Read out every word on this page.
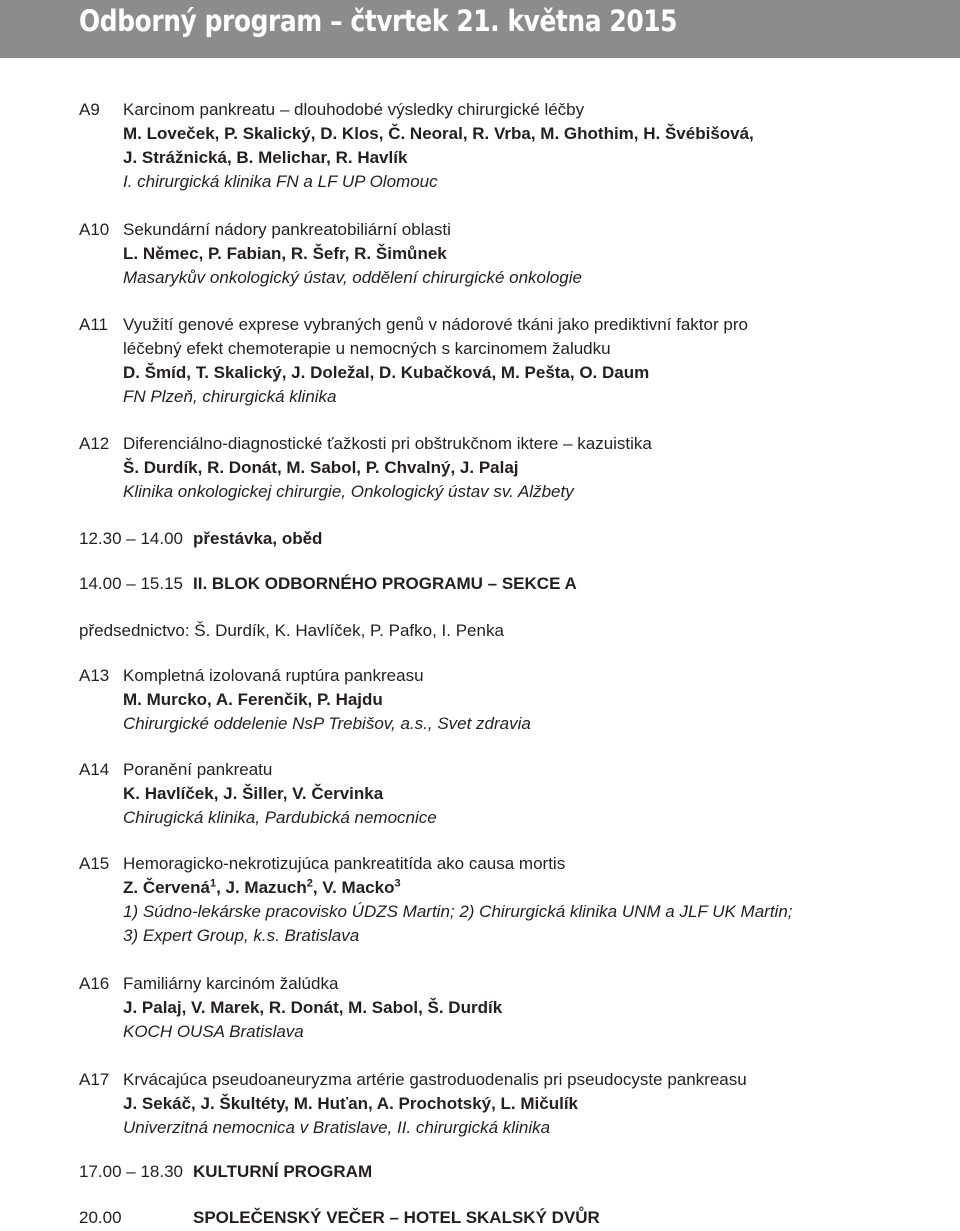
Odborný program – čtvrtek 21. května 2015
A9 Karcinom pankreatu – dlouhodobé výsledky chirurgické léčby
M. Loveček, P. Skalický, D. Klos, Č. Neoral, R. Vrba, M. Ghothim, H. Švébišová,
J. Strážnická, B. Melichar, R. Havlík
I. chirurgická klinika FN a LF UP Olomouc
A10 Sekundární nádory pankreatobiliární oblasti
L. Němec, P. Fabian, R. Šefr, R. Šimůnek
Masarykův onkologický ústav, oddělení chirurgické onkologie
A11 Využití genové exprese vybraných genů v nádorové tkáni jako prediktivní faktor pro
léčebný efekt chemoterapie u nemocných s karcinomem žaludku
D. Šmíd, T. Skalický, J. Doležal, D. Kubačková, M. Pešta, O. Daum
FN Plzeň, chirurgická klinika
A12 Diferenciálno-diagnostické ťažkosti pri obštrukčnom iktere – kazuistika
Š. Durdík, R. Donát, M. Sabol, P. Chvalný, J. Palaj
Klinika onkologickej chirurgie, Onkologický ústav sv. Alžbety
12.30 – 14.00 přestávka, oběd
14.00 – 15.15 II. BLOK ODBORNÉHO PROGRAMU – SEKCE A
předsednictvo: Š. Durdík, K. Havlíček, P. Pafko, I. Penka
A13 Kompletná izolovaná ruptúra pankreasu
M. Murcko, A. Ferenčik, P. Hajdu
Chirurgické oddelenie NsP Trebišov, a.s., Svet zdravia
A14 Poranění pankreatu
K. Havlíček, J. Šiller, V. Červinka
Chirugická klinika, Pardubická nemocnice
A15 Hemoragicko-nekrotizujúca pankreatitída ako causa mortis
Z. Červená$^1$, J. Mazuch$^2$, V. Macko$^3$
1) Súdno-lekárske pracovisko ÚDZS Martin; 2) Chirurgická klinika UNM a JLF UK Martin;
3) Expert Group, k.s. Bratislava
A16 Familiárny karcinóm žalúdka
J. Palaj, V. Marek, R. Donát, M. Sabol, Š. Durdík
KOCH OUSA Bratislava
A17 Krvácajúca pseudoaneuryzma artérie gastroduodenalis pri pseudocyste pankreasu
J. Sekáč, J. Škultéty, M. Huťan, A. Prochotský, L. Mičulík
Univerzitná nemocnica v Bratislave, II. chirurgická klinika
17.00 – 18.30 KULTURNÍ PROGRAM
20.00	SPOLEČENSKÝ VEČER – HOTEL SKALSKÝ DVŮR
